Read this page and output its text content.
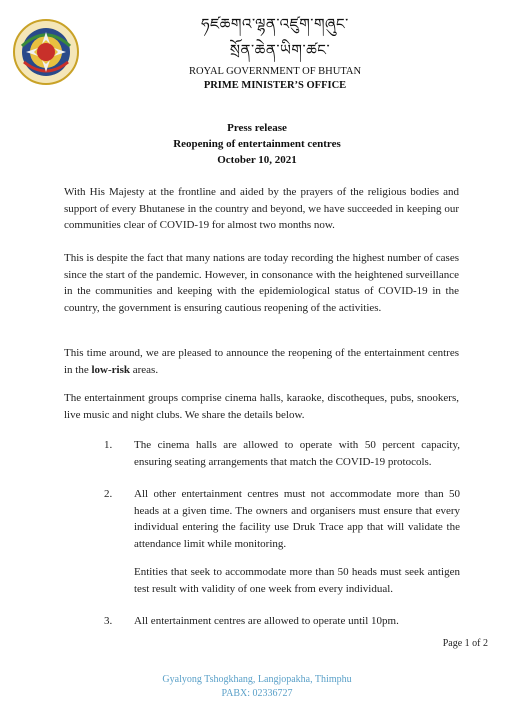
ཧཛཆགའ༌ལྷན༌འཛུག༌གཞུང་
སྲོན༌ཆེན༌ཡིག༌ཚང༌
ROYAL GOVERNMENT OF BHUTAN
PRIME MINISTER’S OFFICE
Press release
Reopening of entertainment centres
October 10, 2021
With His Majesty at the frontline and aided by the prayers of the religious bodies and support of every Bhutanese in the country and beyond, we have succeeded in keeping our communities clear of COVID-19 for almost two months now.
This is despite the fact that many nations are today recording the highest number of cases since the start of the pandemic. However, in consonance with the heightened surveillance in the communities and keeping with the epidemiological status of COVID-19 in the country, the government is ensuring cautious reopening of the activities.
This time around, we are pleased to announce the reopening of the entertainment centres in the low-risk areas.
The entertainment groups comprise cinema halls, karaoke, discotheques, pubs, snookers, live music and night clubs. We share the details below.
1. The cinema halls are allowed to operate with 50 percent capacity, ensuring seating arrangements that match the COVID-19 protocols.
2. All other entertainment centres must not accommodate more than 50 heads at a given time. The owners and organisers must ensure that every individual entering the facility use Druk Trace app that will validate the attendance limit while monitoring.
Entities that seek to accommodate more than 50 heads must seek antigen test result with validity of one week from every individual.
3. All entertainment centres are allowed to operate until 10pm.
Page 1 of 2
Gyalyong Tshogkhang, Langjopakha, Thimphu
PABX: 02336727
